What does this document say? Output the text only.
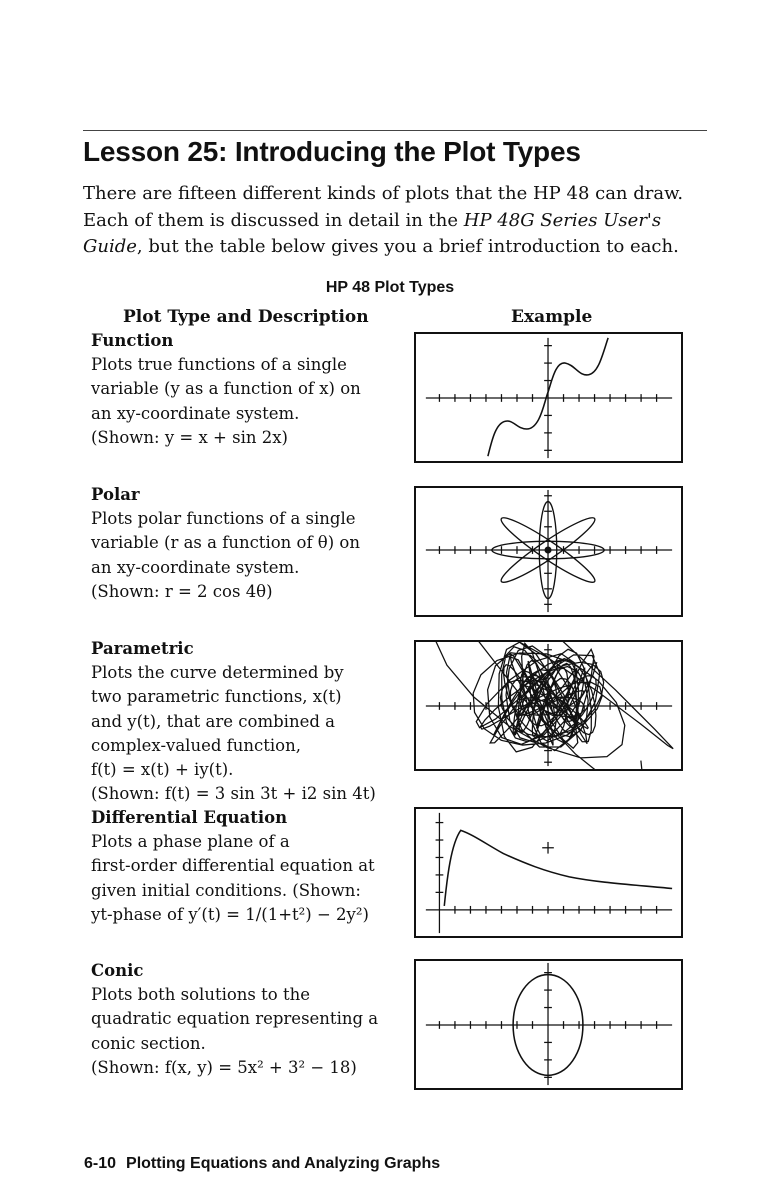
Lesson 25: Introducing the Plot Types

There are fifteen different kinds of plots that the HP 48 can draw. Each of them is discussed in detail in the HP 48G Series User's Guide, but the table below gives you a brief introduction to each.

HP 48 Plot Types
Plot Type and Description	Example
Function
Plots true functions of a single
variable (y as a function of x) on
an xy-coordinate system.
(Shown: y = x + sin 2x)
Polar
Plots polar functions of a single
variable (r as a function of θ) on
an xy-coordinate system.
(Shown: r = 2 cos 4θ)
Parametric
Plots the curve determined by
two parametric functions, x(t)
and y(t), that are combined a
complex-valued function,
f(t) = x(t) + iy(t).
(Shown: f(t) = 3 sin 3t + i2 sin 4t)
Differential Equation
Plots a phase plane of a
first-order differential equation at
given initial conditions. (Shown:
yt-phase of y′(t) = 1/(1+t²) − 2y²)
Conic
Plots both solutions to the
quadratic equation representing a
conic section.
(Shown: f(x, y) = 5x² + 3² − 18)
6-10 Plotting Equations and Analyzing Graphs
